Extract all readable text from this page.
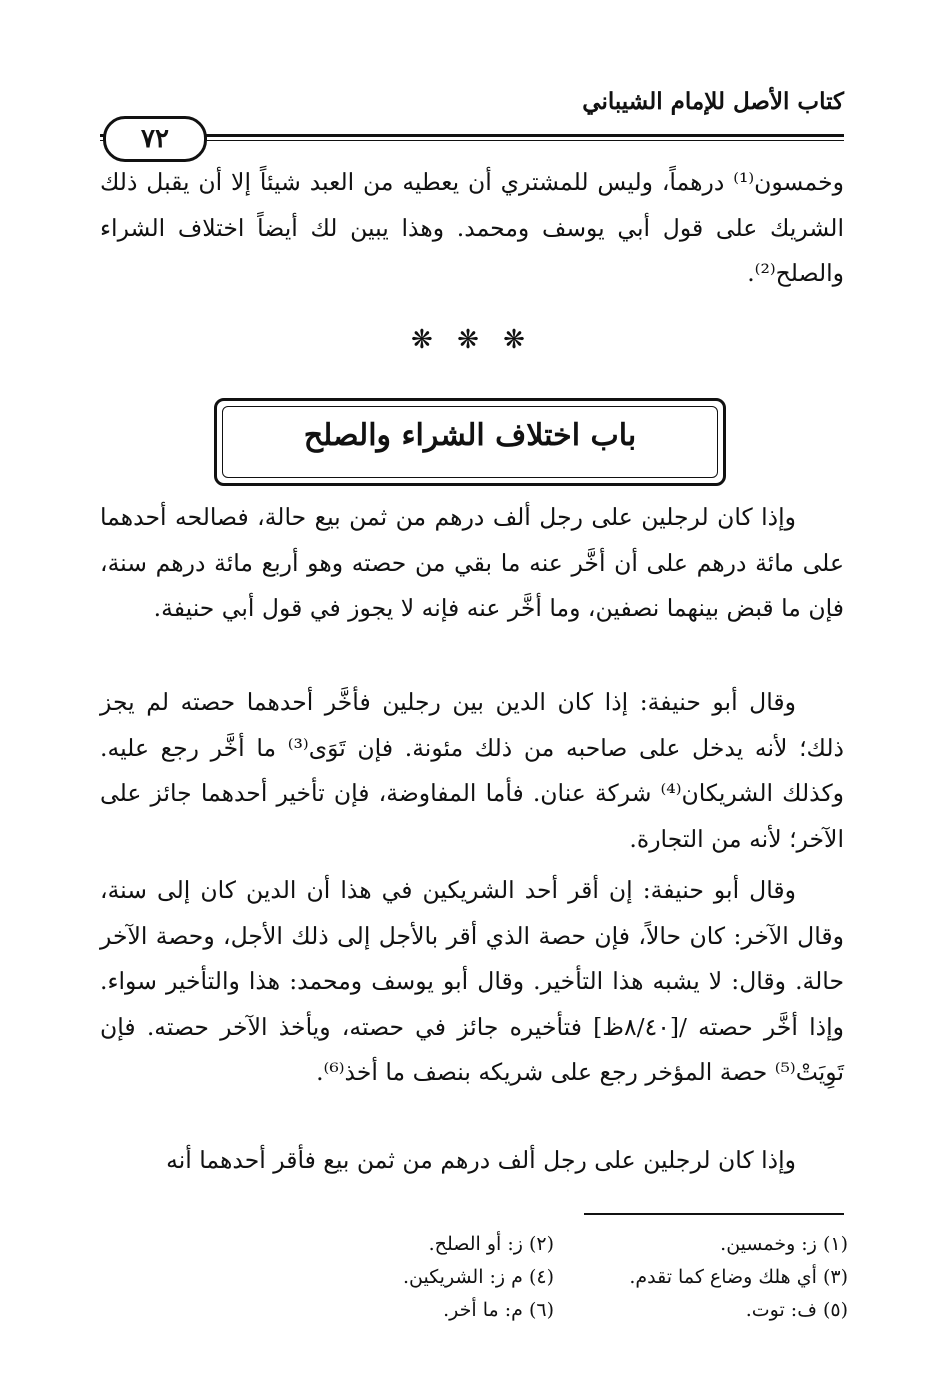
كتاب الأصل للإمام الشيباني
٧٢

وخمسون⁽¹⁾ درهماً، وليس للمشتري أن يعطيه من العبد شيئاً إلا أن يقبل ذلك الشريك على قول أبي يوسف ومحمد. وهذا يبين لك أيضاً اختلاف الشراء والصلح⁽²⁾.

❋ ❋ ❋
باب اختلاف الشراء والصلح

وإذا كان لرجلين على رجل ألف درهم من ثمن بيع حالة، فصالحه أحدهما على مائة درهم على أن أخَّر عنه ما بقي من حصته وهو أربع مائة درهم سنة، فإن ما قبض بينهما نصفين، وما أخَّر عنه فإنه لا يجوز في قول أبي حنيفة.

وقال أبو حنيفة: إذا كان الدين بين رجلين فأخَّر أحدهما حصته لم يجز ذلك؛ لأنه يدخل على صاحبه من ذلك مئونة. فإن تَوَى⁽³⁾ ما أخَّر رجع عليه. وكذلك الشريكان⁽⁴⁾ شركة عنان. فأما المفاوضة، فإن تأخير أحدهما جائز على الآخر؛ لأنه من التجارة.

وقال أبو حنيفة: إن أقر أحد الشريكين في هذا أن الدين كان إلى سنة، وقال الآخر: كان حالاً، فإن حصة الذي أقر بالأجل إلى ذلك الأجل، وحصة الآخر حالة. وقال: لا يشبه هذا التأخير. وقال أبو يوسف ومحمد: هذا والتأخير سواء. وإذا أخَّر حصته /[٨/٤٠ظ] فتأخيره جائز في حصته، ويأخذ الآخر حصته. فإن تَوِيَتْ⁽⁵⁾ حصة المؤخر رجع على شريكه بنصف ما أخذ⁽⁶⁾.

وإذا كان لرجلين على رجل ألف درهم من ثمن بيع فأقر أحدهما أنه

(١) ز: وخمسين.
(٢) ز: أو الصلح.
(٣) أي هلك وضاع كما تقدم.
(٤) م ز: الشريكين.
(٥) ف: توت.
(٦) م: ما أخر.
